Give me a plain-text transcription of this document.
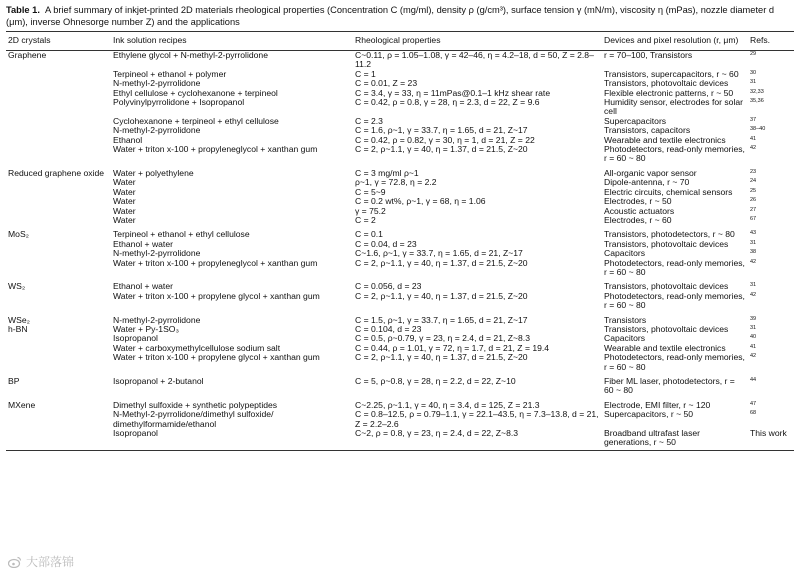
Table 1. A brief summary of inkjet-printed 2D materials rheological properties (Concentration C (mg/ml), density ρ (g/cm³), surface tension γ (mN/m), viscosity η (mPas), nozzle diameter d (μm), inverse Ohnesorge number Z) and the applications

2D crystals	Ink solution recipes	Rheological properties	Devices and pixel resolution (r, μm)	Refs.
Graphene	Ethylene glycol + N-methyl-2-pyrrolidone	C~0.11, ρ = 1.05–1.08, γ = 42–46, η = 4.2–18, d = 50, Z = 2.8–11.2	r = 70–100, Transistors	29
	Terpineol + ethanol + polymer	C = 1	Transistors, supercapacitors, r ~ 60	30
	N-methyl-2-pyrrolidone	C = 0.01, Z = 23	Transistors, photovoltaic devices	31
	Ethyl cellulose + cyclohexanone + terpineol	C = 3.4, γ = 33, η = 11mPas@0.1–1 kHz shear rate	Flexible electronic patterns, r ~ 50	32,33
	Polyvinylpyrrolidone + Isopropanol	C = 0.42, ρ = 0.8, γ = 28, η = 2.3, d = 22, Z = 9.6	Humidity sensor, electrodes for solar cell	35,36
	Cyclohexanone + terpineol + ethyl cellulose	C = 2.3	Supercapacitors	37
	N-methyl-2-pyrrolidone	C = 1.6, ρ~1, γ = 33.7, η = 1.65, d = 21, Z~17	Transistors, capacitors	38–40
	Ethanol	C = 0.42, ρ = 0.82, γ = 30, η = 1, d = 21, Z = 22	Wearable and textile electronics	41
	Water + triton x-100 + propyleneglycol + xanthan gum	C = 2, ρ~1.1, γ = 40, η = 1.37, d = 21.5, Z~20	Photodetectors, read-only memories, r = 60 ~ 80	42
Reduced graphene oxide	Water + polyethylene	C = 3 mg/ml ρ~1	All-organic vapor sensor	23
	Water	ρ~1, γ = 72.8, η = 2.2	Dipole-antenna, r ~ 70	24
	Water	C = 5~9	Electric circuits, chemical sensors	25
	Water	C = 0.2 wt%, ρ~1, γ = 68, η = 1.06	Electrodes, r ~ 50	26
	Water	γ = 75.2	Acoustic actuators	27
	Water	C = 2	Electrodes, r ~ 60	67
MoS₂	Terpineol + ethanol + ethyl cellulose	C = 0.1	Transistors, photodetectors, r ~ 80	43
	Ethanol + water	C = 0.04, d = 23	Transistors, photovoltaic devices	31
	N-methyl-2-pyrrolidone	C~1.6, ρ~1, γ = 33.7, η = 1.65, d = 21, Z~17	Capacitors	38
	Water + triton x-100 + propyleneglycol + xanthan gum	C = 2, ρ~1.1, γ = 40, η = 1.37, d = 21.5, Z~20	Photodetectors, read-only memories, r = 60 ~ 80	42
WS₂	Ethanol + water	C = 0.056, d = 23	Transistors, photovoltaic devices	31
	Water + triton x-100 + propylene glycol + xanthan gum	C = 2, ρ~1.1, γ = 40, η = 1.37, d = 21.5, Z~20	Photodetectors, read-only memories, r = 60 ~ 80	42
WSe₂	N-methyl-2-pyrrolidone	C = 1.5, ρ~1, γ = 33.7, η = 1.65, d = 21, Z~17	Transistors	39
h-BN	Water + Py-1SO₃	C = 0.104, d = 23	Transistors, photovoltaic devices	31
	Isopropanol	C = 0.5, ρ~0.79, γ = 23, η = 2.4, d = 21, Z~8.3	Capacitors	40
	Water + carboxymethylcellulose sodium salt	C = 0.44, ρ = 1.01, γ = 72, η = 1.7, d = 21, Z = 19.4	Wearable and textile electronics	41
	Water + triton x-100 + propylene glycol + xanthan gum	C = 2, ρ~1.1, γ = 40, η = 1.37, d = 21.5, Z~20	Photodetectors, read-only memories, r = 60 ~ 80	42
BP	Isopropanol + 2-butanol	C = 5, ρ~0.8, γ = 28, η = 2.2, d = 22, Z~10	Fiber ML laser, photodetectors, r = 60 ~ 80	44
MXene	Dimethyl sulfoxide + synthetic polypeptides	C~2.25, ρ~1.1, γ = 40, η = 3.4, d = 125, Z = 21.3	Electrode, EMI filter, r ~ 120	47
	N-Methyl-2-pyrrolidone/dimethyl sulfoxide/ dimethylformamide/ethanol	C = 0.8–12.5, ρ = 0.79–1.1, γ = 22.1–43.5, η = 7.3–13.8, d = 21, Z = 2.2–2.6	Supercapacitors, r ~ 50	68
	Isopropanol	C~2, ρ = 0.8, γ = 23, η = 2.4, d = 22, Z~8.3	Broadband ultrafast laser generations, r ~ 50	This work
大部落锦
